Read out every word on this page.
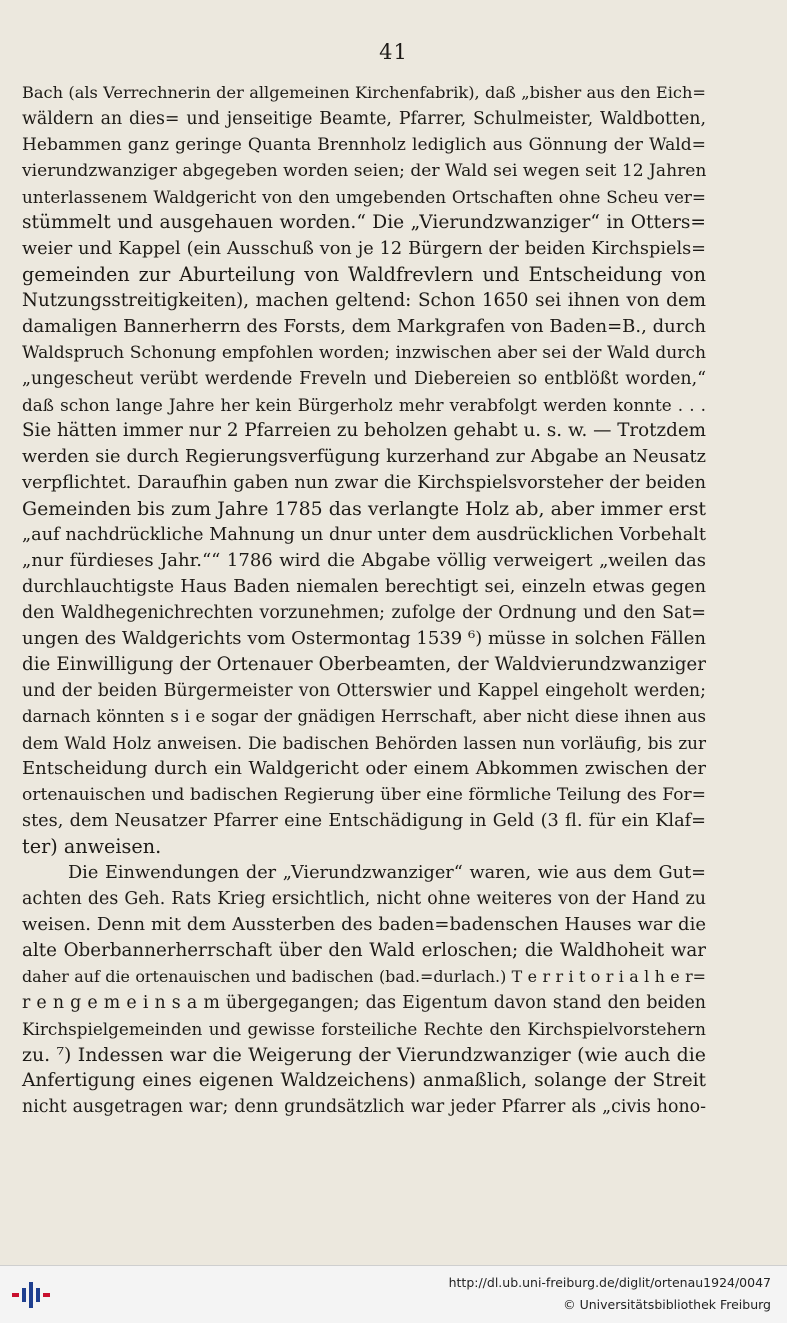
41
Bach (als Verrechnerin der allgemeinen Kirchenfabrik), daß „bisher aus den Eich=
wäldern an dies= und jenseitige Beamte, Pfarrer, Schulmeister, Waldbotten,
Hebammen ganz geringe Quanta Brennholz lediglich aus Gönnung der Wald=
vierundzwanziger abgegeben worden seien; der Wald sei wegen seit 12 Jahren
unterlassenem Waldgericht von den umgebenden Ortschaften ohne Scheu ver=
stümmelt und ausgehauen worden.“ Die „Vierundzwanziger“ in Otters=
weier und Kappel (ein Ausschuß von je 12 Bürgern der beiden Kirchspiels=
gemeinden zur Aburteilung von Waldfrevlern und Entscheidung von
Nutzungsstreitigkeiten), machen geltend: Schon 1650 sei ihnen von dem
damaligen Bannerherrn des Forsts, dem Markgrafen von Baden=B., durch
Waldspruch Schonung empfohlen worden; inzwischen aber sei der Wald durch
„ungescheut verübt werdende Freveln und Diebereien so entblößt worden,“
daß schon lange Jahre her kein Bürgerholz mehr verabfolgt werden konnte . . .
Sie hätten immer nur 2 Pfarreien zu beholzen gehabt u. s. w. — Trotzdem
werden sie durch Regierungsverfügung kurzerhand zur Abgabe an Neusatz
verpflichtet. Daraufhin gaben nun zwar die Kirchspielsvorsteher der beiden
Gemeinden bis zum Jahre 1785 das verlangte Holz ab, aber immer erst
„auf nachdrückliche Mahnung un dnur unter dem ausdrücklichen Vorbehalt
„nur fürdieses Jahr.““ 1786 wird die Abgabe völlig verweigert „weilen das
durchlauchtigste Haus Baden niemalen berechtigt sei, einzeln etwas gegen
den Waldhegenichrechten vorzunehmen; zufolge der Ordnung und den Sat=
ungen des Waldgerichts vom Ostermontag 1539 ⁶) müsse in solchen Fällen
die Einwilligung der Ortenauer Oberbeamten, der Waldvierundzwanziger
und der beiden Bürgermeister von Otterswier und Kappel eingeholt werden;
darnach könnten s i e sogar der gnädigen Herrschaft, aber nicht diese ihnen aus
dem Wald Holz anweisen. Die badischen Behörden lassen nun vorläufig, bis zur
Entscheidung durch ein Waldgericht oder einem Abkommen zwischen der
ortenauischen und badischen Regierung über eine förmliche Teilung des For=
stes, dem Neusatzer Pfarrer eine Entschädigung in Geld (3 fl. für ein Klaf=
ter) anweisen.
Die Einwendungen der „Vierundzwanziger“ waren, wie aus dem Gut=
achten des Geh. Rats Krieg ersichtlich, nicht ohne weiteres von der Hand zu
weisen. Denn mit dem Aussterben des baden=badenschen Hauses war die
alte Oberbannerherrschaft über den Wald erloschen; die Waldhoheit war
daher auf die ortenauischen und badischen (bad.=durlach.) T e r r i t o r i a l h e r=
r e n g e m e i n s a m übergegangen; das Eigentum davon stand den beiden
Kirchspielgemeinden und gewisse forsteiliche Rechte den Kirchspielvorstehern
zu. ⁷) Indessen war die Weigerung der Vierundzwanziger (wie auch die
Anfertigung eines eigenen Waldzeichens) anmaßlich, solange der Streit
nicht ausgetragen war; denn grundsätzlich war jeder Pfarrer als „civis hono-
http://dl.ub.uni-freiburg.de/diglit/ortenau1924/0047
© Universitätsbibliothek Freiburg
